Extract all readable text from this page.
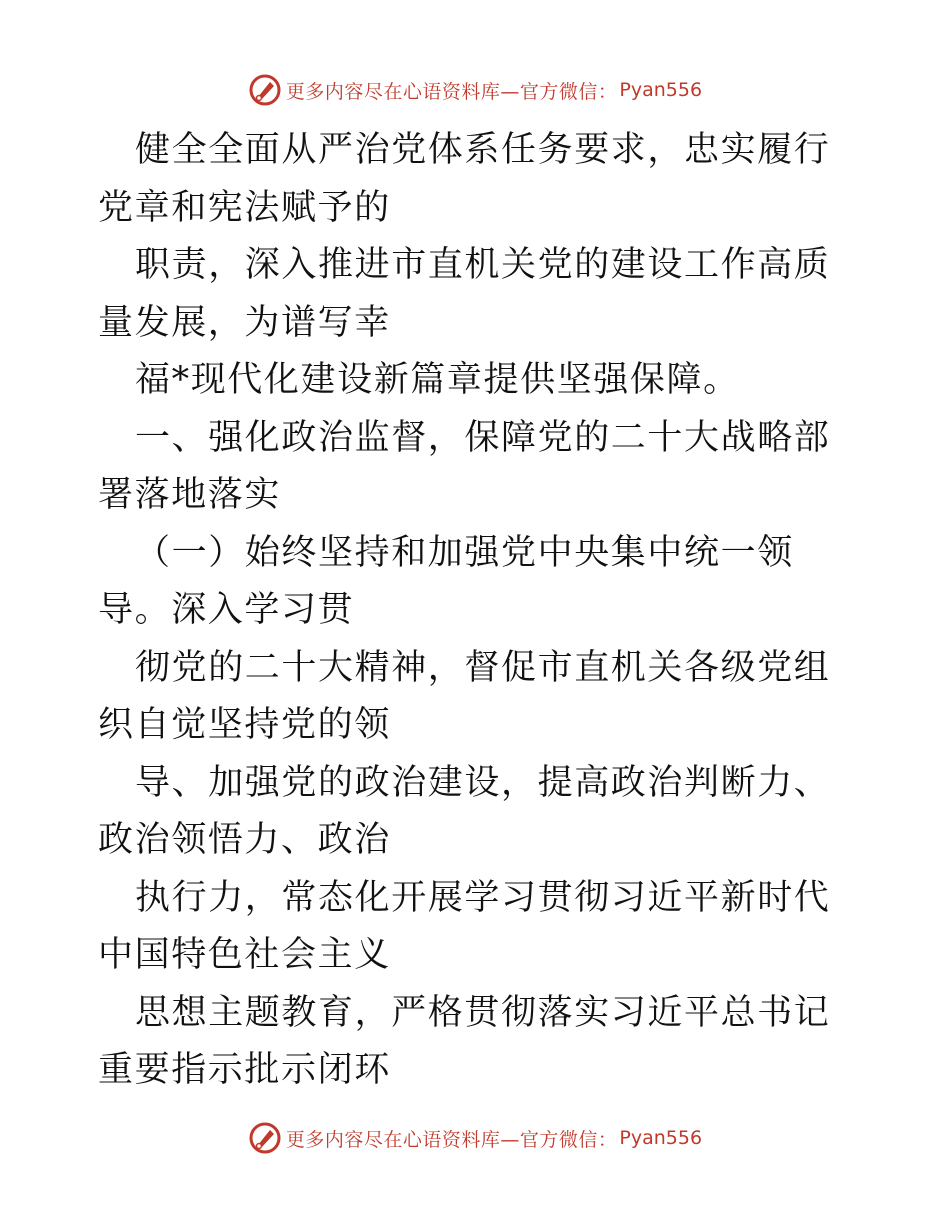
更多内容尽在心语资料库—官方微信： Pyan556

健全全面从严治党体系任务要求，忠实履行党章和宪法赋予的

职责，深入推进市直机关党的建设工作高质量发展，为谱写幸

福*现代化建设新篇章提供坚强保障。

一、强化政治监督，保障党的二十大战略部署落地落实

（一）始终坚持和加强党中央集中统一领导。深入学习贯

彻党的二十大精神，督促市直机关各级党组织自觉坚持党的领

导、加强党的政治建设，提高政治判断力、政治领悟力、政治

执行力，常态化开展学习贯彻习近平新时代中国特色社会主义

思想主题教育，严格贯彻落实习近平总书记重要指示批示闭环

更多内容尽在心语资料库—官方微信： Pyan556
